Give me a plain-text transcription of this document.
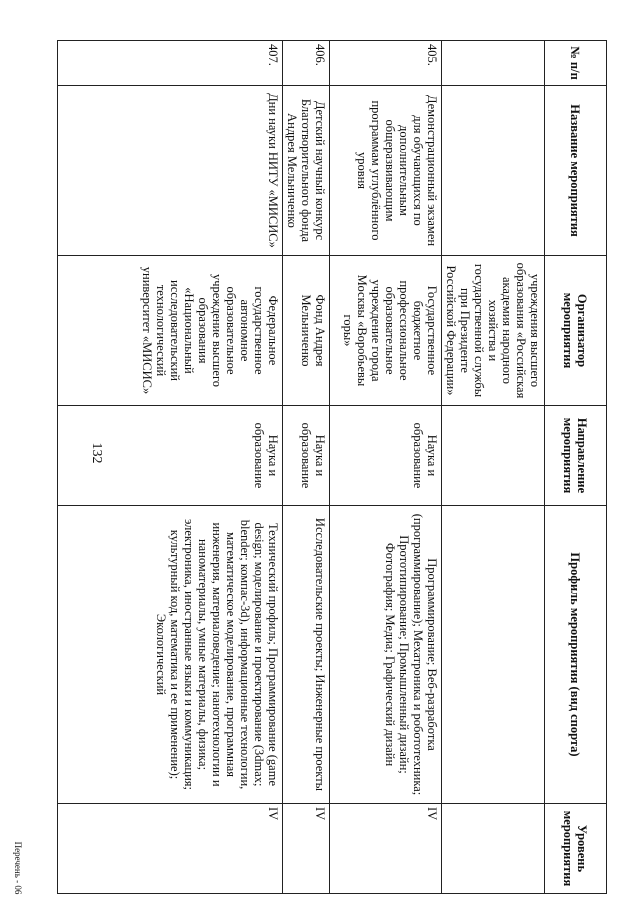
132
№ п/п	Название мероприятия	Организатор мероприятия	Направление мероприятия	Профиль мероприятия (вид спорта)	Уровень мероприятия
		учреждения высшего образования «Российская академия народного хозяйства и государственной службы при Президенте Российской Федерации»			
405.	Демонстрационный экзамен для обучающихся по дополнительным общеразвивающим программам углублённого уровня	Государственное бюджетное профессиональное образовательное учреждение города Москвы «Воробьевы горы»	Наука и образование	Программирование; Веб-разработка (программирование); Мехатроника и робототехника; Прототипирование; Промышленный дизайн; Фотография; Медиа; Графический дизайн	IV
406.	Детский научный конкурс Благотворительного фонда Андрея Мельниченко	Фонд Андрея Мельниченко	Наука и образование	Исследовательские проекты; Инженерные проекты	IV
407.	Дни науки НИТУ «МИСИС»	Федеральное государственное автономное образовательное учреждение высшего образования «Национальный исследовательский технологический университет «МИСИС»	Наука и образование	Технический профиль; Программирование (game design; моделирование и проектирование (3dmax; blender; компас-3d), информационные технологии, математическое моделирование, программная инженерия, материаловедение; нанотехнологии и наноматериалы, умные материалы, физика; электроника, иностранные языки и коммуникация; культурный код, математика и ее применение); Экологический	IV
Перечень - 06
